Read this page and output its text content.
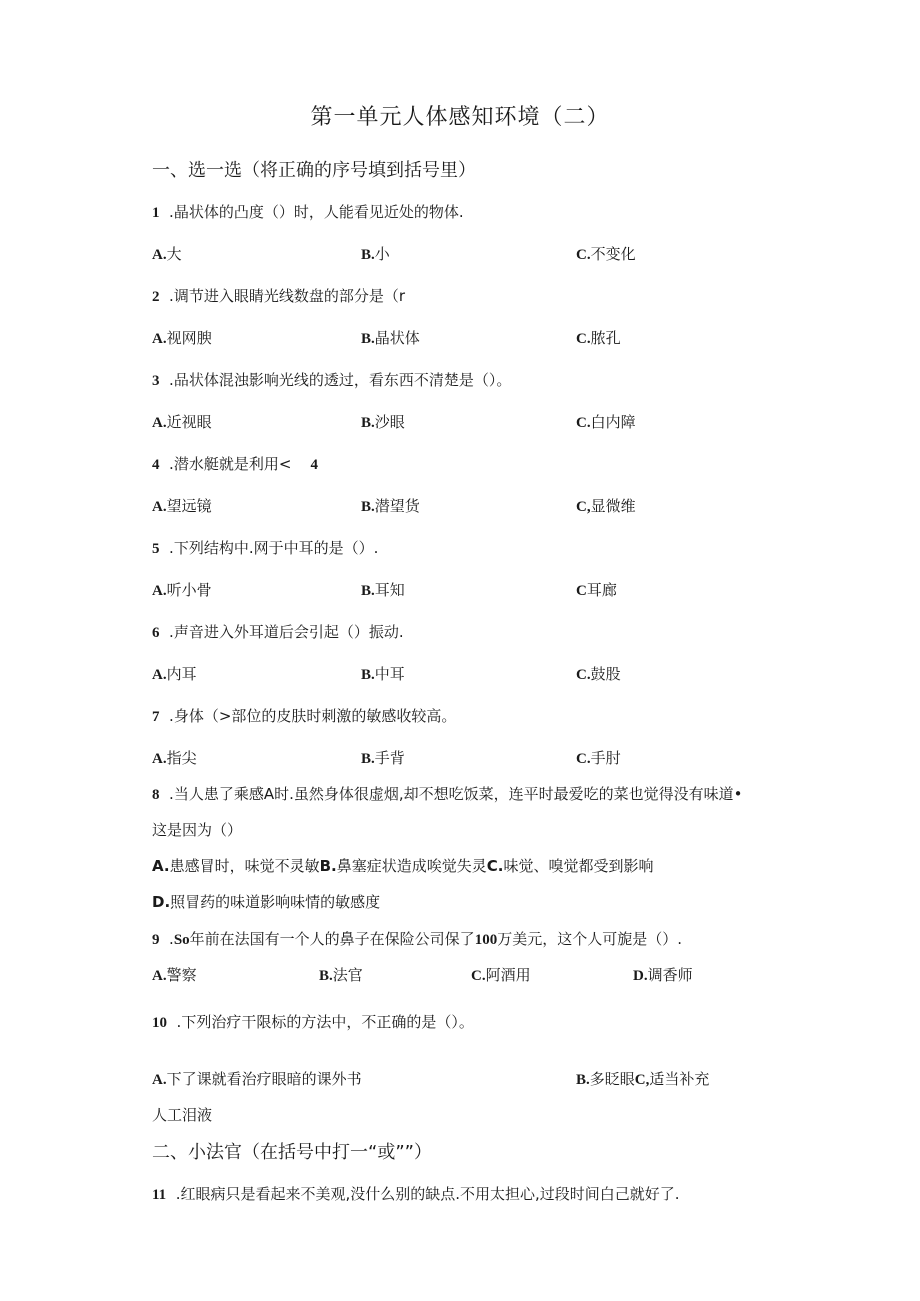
第一单元人体感知环境（二）
一、选一选（将正确的序号填到括号里）
1 .晶状体的凸度（）时，人能看见近处的物体.
A.大	B.小	C.不变化
2 .调节进入眼睛光线数盘的部分是（r
A.视网腴	B.晶状体	C.脓孔
3 .品状体混浊影响光线的透过，看东西不清楚是（）。
A.近视眼	B.沙眼	C.白内障
4 .潜水艇就是利用< 4
A.望远镜	B.潜望货	C,显微维
5 .下列结构中.网于中耳的是（）.
A.听小骨	B.耳知	C耳廊
6 .声音进入外耳道后会引起（）振动.
A.内耳	B.中耳	C.鼓股
7 .身体（>部位的皮肤时刺激的敏感收较高。
A.指尖	B.手背	C.手肘
8 .当人患了乘感A时.虽然身体很虚烟,却不想吃饭菜，连平时最爱吃的菜也觉得没有味道•
这是因为（）
A.患感冒时，味觉不灵敏B.鼻塞症状造成唉觉失灵C.味觉、嗅觉都受到影响
D.照冒药的味道影响味情的敏感度
9 .So年前在法国有一个人的鼻子在保险公司保了100万美元，这个人可旎是（）.
A.警察	B.法官	C.阿酒用	D.调香师
10 .下列治疗干限标的方法中，不正确的是（）。
A.下了课就看治疗眼暗的课外书	B.多眨眼C,适当补充
人工泪液
二、小法官（在括号中打一“或””）
11 .红眼病只是看起来不美观,没什么别的缺点.不用太担心,过段时间白己就好了.
